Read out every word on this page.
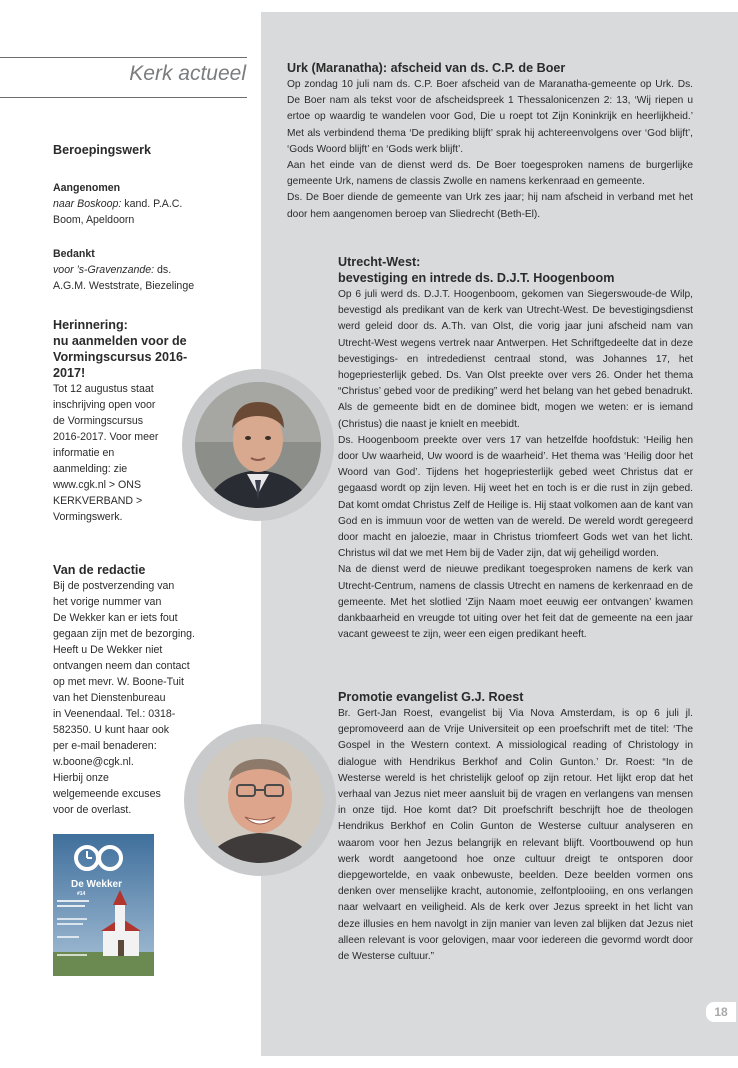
Kerk actueel
Beroepingswerk
Aangenomen
naar Boskoop: kand. P.A.C.
Boom, Apeldoorn
Bedankt
voor ’s-Gravenzande: ds.
A.G.M. Weststrate, Biezelinge
Herinnering:
nu aanmelden voor de
Vormingscursus 2016-
2017!
Tot 12 augustus staat
inschrijving open voor
de Vormingscursus
2016-2017. Voor meer
informatie en
aanmelding: zie
www.cgk.nl > ONS
KERKVERBAND >
Vormingswerk.
Van de redactie
Bij de postverzending van
het vorige nummer van
De Wekker kan er iets fout
gegaan zijn met de bezorging.
Heeft u De Wekker niet
ontvangen neem dan contact
op met mevr. W. Boone-Tuit
van het Dienstenbureau
in Veenendaal. Tel.: 0318-
582350. U kunt haar ook
per e-mail benaderen:
w.boone@cgk.nl.
Hierbij onze
welgemeende excuses
voor de overlast.
De Wekker
#14
Urk (Maranatha): afscheid van ds. C.P. de Boer

Op zondag 10 juli nam ds. C.P. Boer afscheid van de Maranatha-gemeente op Urk. Ds. De Boer nam als tekst voor de afscheidspreek 1 Thessalonicenzen 2: 13, ‘Wij riepen u ertoe op waardig te wandelen voor God, Die u roept tot Zijn Koninkrijk en heerlijkheid.’ Met als verbindend thema ‘De prediking blijft’ sprak hij achtereenvolgens over ‘God blijft’, ‘Gods Woord blijft’ en ‘Gods werk blijft’.

Aan het einde van de dienst werd ds. De Boer toegesproken namens de burgerlijke gemeente Urk, namens de classis Zwolle en namens kerkenraad en gemeente.

Ds. De Boer diende de gemeente van Urk zes jaar; hij nam afscheid in verband met het door hem aangenomen beroep van Sliedrecht (Beth-El).

Utrecht-West:
bevestiging en intrede ds. D.J.T. Hoogenboom

Op 6 juli werd ds. D.J.T. Hoogenboom, gekomen van Siegerswoude-de Wilp, bevestigd als predikant van de kerk van Utrecht-West. De bevestigingsdienst werd geleid door ds. A.Th. van Olst, die vorig jaar juni afscheid nam van Utrecht-West wegens vertrek naar Antwerpen. Het Schriftgedeelte dat in deze bevestigings- en intrededienst centraal stond, was Johannes 17, het hogepriesterlijk gebed. Ds. Van Olst preekte over vers 26. Onder het thema “Christus’ gebed voor de prediking” werd het belang van het gebed benadrukt. Als de gemeente bidt en de dominee bidt, mogen we weten: er is iemand (Christus) die naast je knielt en meebidt.

Ds. Hoogenboom preekte over vers 17 van hetzelfde hoofdstuk: ‘Heilig hen door Uw waarheid, Uw woord is de waarheid’. Het thema was ‘Heilig door het Woord van God’. Tijdens het hogepriesterlijk gebed weet Christus dat er gegaasd wordt op zijn leven. Hij weet het en toch is er die rust in zijn gebed. Dat komt omdat Christus Zelf de Heilige is. Hij staat volkomen aan de kant van God en is immuun voor de wetten van de wereld. De wereld wordt geregeerd door macht en jaloezie, maar in Christus triomfeert Gods wet van het licht. Christus wil dat we met Hem bij de Vader zijn, dat wij geheiligd worden.

Na de dienst werd de nieuwe predikant toegesproken namens de kerk van Utrecht-Centrum, namens de classis Utrecht en namens de kerkenraad en de gemeente. Met het slotlied ‘Zijn Naam moet eeuwig eer ontvangen’ kwamen dankbaarheid en vreugde tot uiting over het feit dat de gemeente na een jaar vacant geweest te zijn, weer een eigen predikant heeft.

Promotie evangelist G.J. Roest

Br. Gert-Jan Roest, evangelist bij Via Nova Amsterdam, is op 6 juli jl. gepromoveerd aan de Vrije Universiteit op een proefschrift met de titel: ‘The Gospel in the Western context. A missiological reading of Christology in dialogue with Hendrikus Berkhof and Colin Gunton.’ Dr. Roest: “In de Westerse wereld is het christelijk geloof op zijn retour. Het lijkt erop dat het verhaal van Jezus niet meer aansluit bij de vragen en verlangens van mensen in onze tijd. Hoe komt dat? Dit proefschrift beschrijft hoe de theologen Hendrikus Berkhof en Colin Gunton de Westerse cultuur analyseren en waarom voor hen Jezus belangrijk en relevant blijft. Voortbouwend op hun werk wordt aangetoond hoe onze cultuur dreigt te ontsporen door diepgewortelde, en vaak onbewuste, beelden. Deze beelden vormen ons denken over menselijke kracht, autonomie, zelfontplooiing, en ons verlangen naar welvaart en veiligheid. Als de kerk over Jezus spreekt in het licht van deze illusies en hem navolgt in zijn manier van leven zal blijken dat Jezus niet alleen relevant is voor gelovigen, maar voor iedereen die gevormd wordt door de Westerse cultuur.”

18
